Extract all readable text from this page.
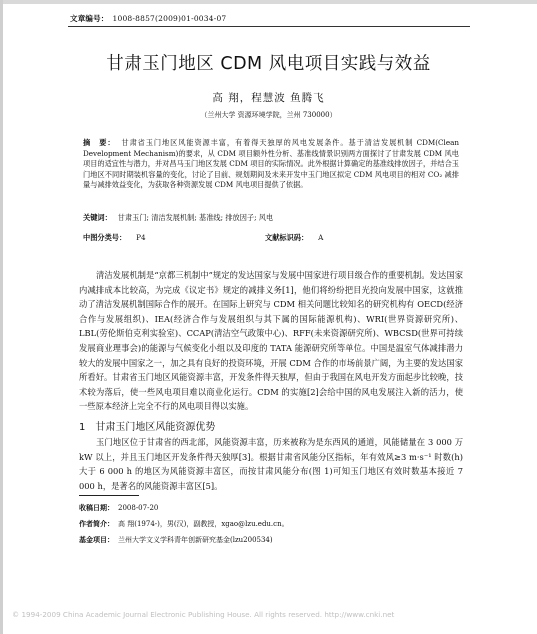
文章编号： 1008-8857(2009)01-0034-07
甘肃玉门地区 CDM 风电项目实践与效益
高 翔，程慧波 鱼腾飞
（兰州大学 资源环境学院，兰州 730000）
摘　要： 甘肃省玉门地区风能资源丰富，有着得天独厚的风电发展条件。基于清洁发展机制 CDM(Clean Development Mechanism)的要求，从 CDM 项目额外性分析、基准线情景识别两方面探讨了甘肃发展 CDM 风电项目的适宜性与潜力，并对昌马玉门地区发展 CDM 项目的实际情况。此外根据计算确定的基准线排放因子，并结合玉门地区不同时期装机容量的变化，讨论了目前、规划期间及未来开发中玉门地区拟定 CDM 风电项目的相对 CO₂ 减排量与减排效益变化，为获取各种资源发展 CDM 风电项目提供了依据。
关键词： 甘肃玉门; 清洁发展机制; 基准线; 排放因子; 风电
中图分类号： P4	文献标识码： A

清洁发展机制是“京都三机制中”规定的发达国家与发展中国家进行项目级合作的重要机制。发达国家内减排成本比较高，为完成《议定书》规定的减排义务[1]，他们将纷纷把目光投向发展中国家，这就推动了清洁发展机制国际合作的展开。在国际上研究与 CDM 相关问题比较知名的研究机构有 OECD(经济合作与发展组织)、IEA(经济合作与发展组织与其下属的国际能源机构)、WRI(世界资源研究所)、LBL(劳伦斯伯克利实验室)、CCAP(清洁空气政策中心)、RFF(未来资源研究所)、WBCSD(世界可持续发展商业理事会)的能源与气候变化小组以及印度的 TATA 能源研究所等单位。中国是温室气体减排潜力较大的发展中国家之一，加之具有良好的投资环境，开展 CDM 合作的市场前景广阔，为主要的发达国家所看好。甘肃省玉门地区风能资源丰富，开发条件得天独厚，但由于我国在风电开发方面起步比较晚，技术较为落后，使一些风电项目难以商业化运行。CDM 的实施[2]会给中国的风电发展注入新的活力，使一些原本经济上完全不行的风电项目得以实施。

1 甘肃玉门地区风能资源优势

玉门地区位于甘肃省的西北部，风能资源丰富，历来被称为是东西风的通道，风能储量在 3 000 万 kW 以上，并且玉门地区开发条件得天独厚[3]。根据甘肃省风能分区指标，年有效风≥3 m·s⁻¹ 时数(h)大于 6 000 h 的地区为风能资源丰富区，而按甘肃风能分布(图 1)可知玉门地区有效时数基本接近 7 000 h，是著名的风能资源丰富区[5]。

收稿日期： 2008-07-20
作者简介： 高 翔(1974-)，男(汉)，副教授，xgao@lzu.edu.cn。
基金项目： 兰州大学文义学科青年创新研究基金(lzu200534)
© 1994-2009 China Academic Journal Electronic Publishing House. All rights reserved. http://www.cnki.net
